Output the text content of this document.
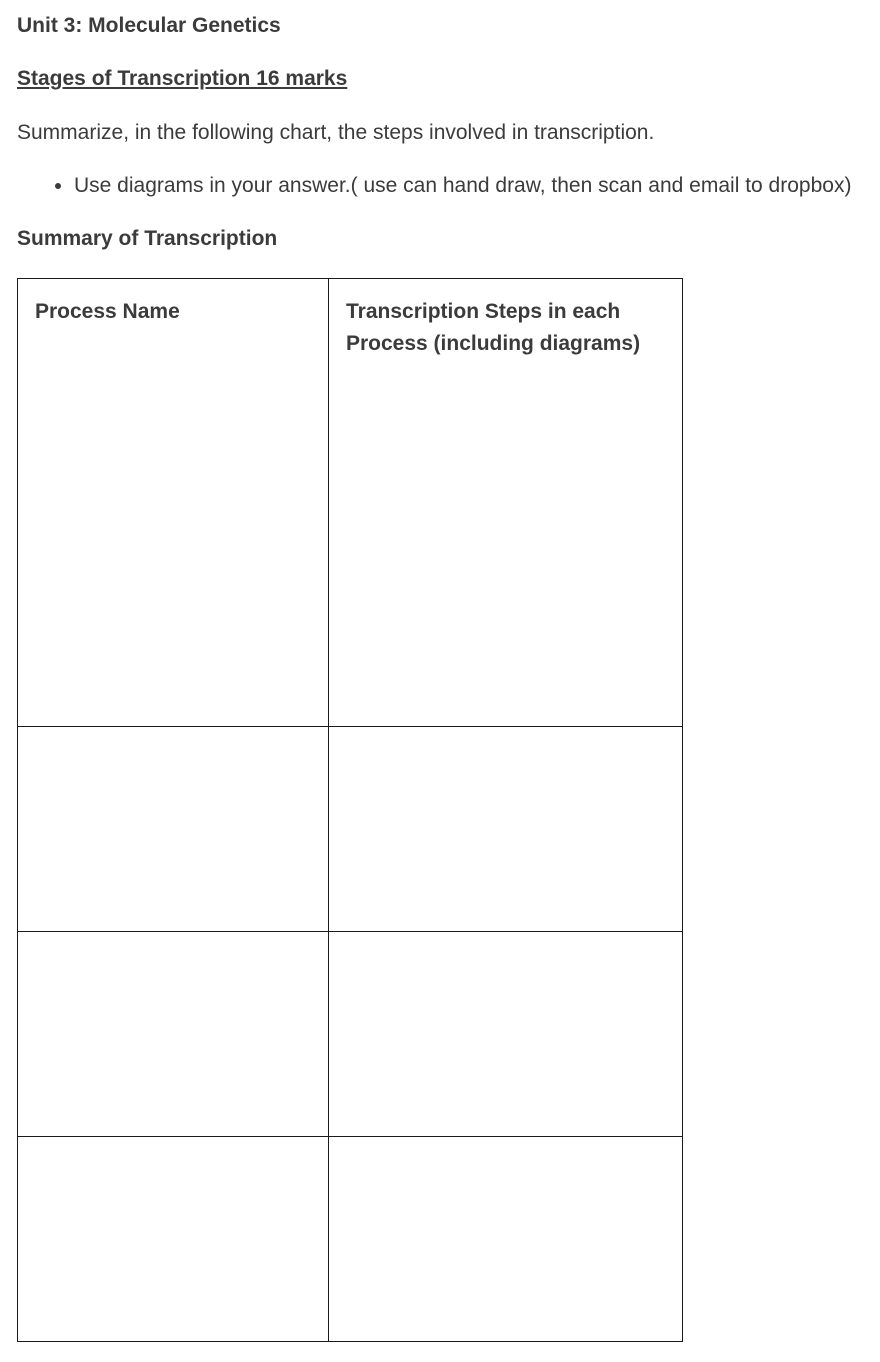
Unit 3: Molecular Genetics
Stages of Transcription 16 marks

Summarize, in the following chart, the steps involved in transcription.

Use diagrams in your answer.( use can hand draw, then scan and email to dropbox)
Summary of Transcription
Process Name	Transcription Steps in each Process (including diagrams)
